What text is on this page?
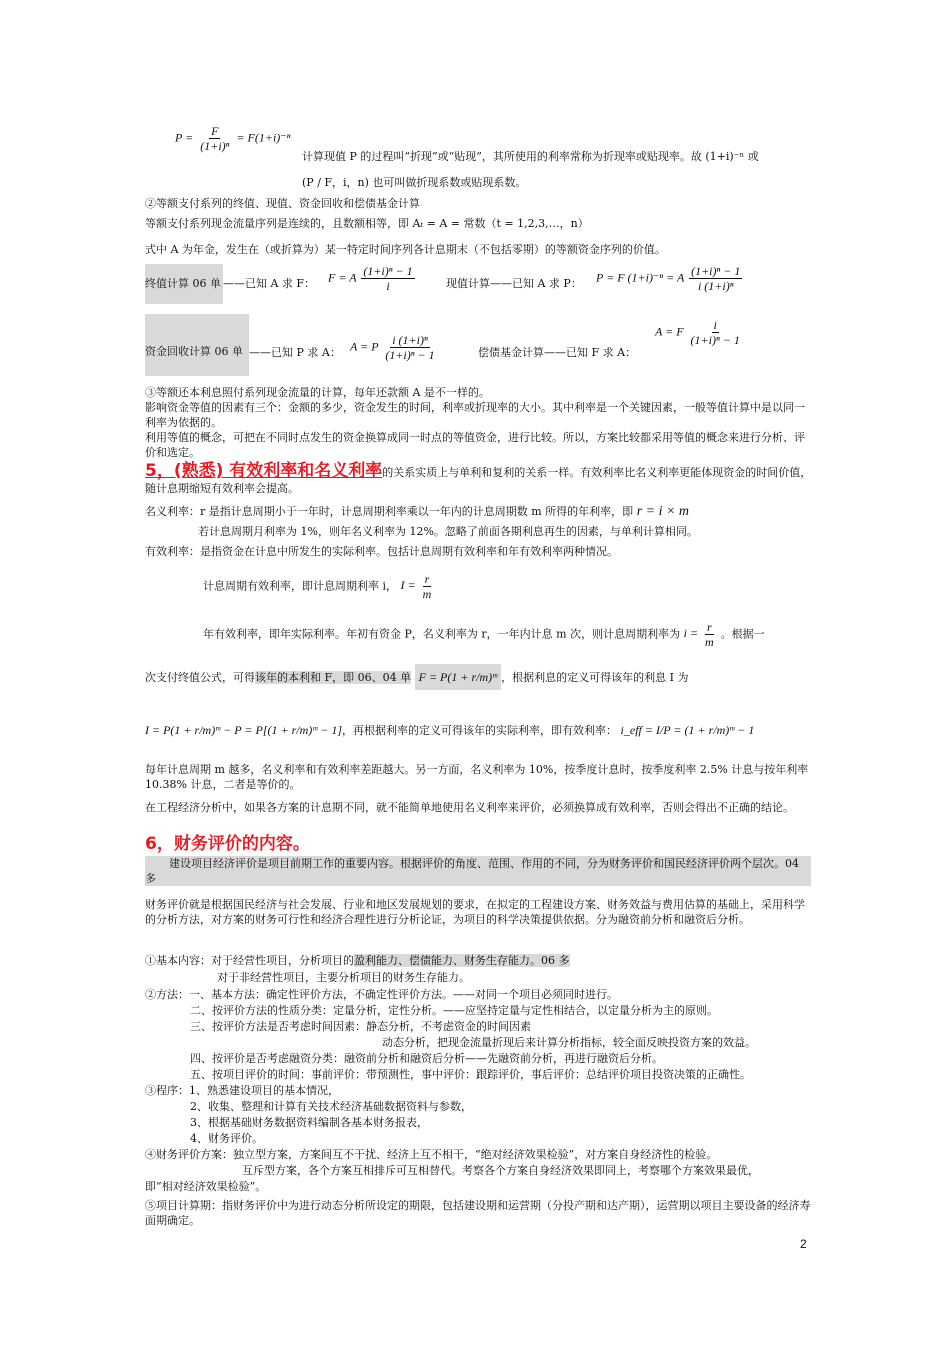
$P = \frac{F}{\text{(1+i)ⁿ}} = F(1+i)^{-n}$
计算现值 P 的过程叫“折现”或“贴现”，其所使用的利率常称为折现率或贴现率。故 (1+i)⁻ⁿ 或
(P / F，i，n) 也可叫做折现系数或贴现系数。
②等额支付系列的终值、现值、资金回收和偿债基金计算
等额支付系列现金流量序列是连续的，且数额相等，即 Aₜ = A = 常数（t = 1,2,3,…，n）
式中 A 为年金，发生在（或折算为）某一特定时间序列各计息期末（不包括零期）的等额资金序列的价值。
终值计算 06 单 ——已知 A 求 F： F = A $\frac{\text{(1+i)ⁿ − 1}}{i}$	现值计算——已知 A 求 P： P = F (1+i)⁻ⁿ = A $\frac{\text{(1+i)ⁿ − 1}}{\text{i (1+i)ⁿ}}$
资金回收计算 06 单 ——已知 P 求 A： A = P $\frac{\text{i (1+i)ⁿ}}{\text{(1+i)ⁿ − 1}}$	偿债基金计算——已知 F 求 A：
A = F $\frac{i}{\text{(1+i)ⁿ − 1}}$
③等额还本利息照付系列现金流量的计算，每年还款额 A 是不一样的。
影响资金等值的因素有三个：金额的多少，资金发生的时间，利率或折现率的大小。其中利率是一个关键因素，一般等值计算中是以同一利率为依据的。
利用等值的概念，可把在不同时点发生的资金换算成同一时点的等值资金，进行比较。所以，方案比较都采用等值的概念来进行分析、评价和选定。
5，(熟悉) 有效利率和名义利率的关系实质上与单利和复利的关系一样。有效利率比名义利率更能体现资金的时间价值，随计息期缩短有效利率会提高。
名义利率：r 是指计息周期小于一年时，计息周期利率乘以一年内的计息周期数 m 所得的年利率，即 r = i × m
若计息周期月利率为 1%，则年名义利率为 12%。忽略了前面各期利息再生的因素，与单利计算相同。
有效利率：是指资金在计息中所发生的实际利率。包括计息周期有效利率和年有效利率两种情况。
计息周期有效利率，即计息周期利率 i， $I = \frac{r}{m}$
年有效利率，即年实际利率。年初有资金 P，名义利率为 r，一年内计息 m 次，则计息周期利率为 $i = \frac{r}{m}$ 。根据一
次支付终值公式，可得该年的本利和 F，即 06、04 单 F = P(1 + r/m)ᵐ ，根据利息的定义可得该年的利息 I 为
I = P(1 + r/m)ᵐ − P = P[(1 + r/m)ᵐ − 1]，再根据利率的定义可得该年的实际利率，即有效利率： i_eff = I/P = (1 + r/m)ᵐ − 1
每年计息周期 m 越多，名义利率和有效利率差距越大。另一方面，名义利率为 10%，按季度计息时，按季度利率 2.5% 计息与按年利率 10.38% 计息，二者是等价的。
在工程经济分析中，如果各方案的计息期不同，就不能简单地使用名义利率来评价，必须换算成有效利率，否则会得出不正确的结论。
6，财务评价的内容。
建设项目经济评价是项目前期工作的重要内容。根据评价的角度、范围、作用的不同，分为财务评价和国民经济评价两个层次。04 多
财务评价就是根据国民经济与社会发展、行业和地区发展规划的要求，在拟定的工程建设方案、财务效益与费用估算的基础上，采用科学的分析方法，对方案的财务可行性和经济合理性进行分析论证，为项目的科学决策提供依据。分为融资前分析和融资后分析。
①基本内容：对于经营性项目，分析项目的盈利能力、偿债能力、财务生存能力。06 多
对于非经营性项目，主要分析项目的财务生存能力。
②方法：一、基本方法：确定性评价方法，不确定性评价方法。——对同一个项目必须同时进行。
二、按评价方法的性质分类：定量分析，定性分析。——应坚持定量与定性相结合，以定量分析为主的原则。
三、按评价方法是否考虑时间因素：静态分析，不考虑资金的时间因素
动态分析，把现金流量折现后来计算分析指标，较全面反映投资方案的效益。
四、按评价是否考虑融资分类：融资前分析和融资后分析——先融资前分析，再进行融资后分析。
五、按项目评价的时间：事前评价：带预测性，事中评价：跟踪评价，事后评价：总结评价项目投资决策的正确性。
③程序：1、熟悉建设项目的基本情况，
2、收集、整理和计算有关技术经济基础数据资料与参数，
3、根据基础财务数据资料编制各基本财务报表，
4、财务评价。
④财务评价方案：独立型方案，方案间互不干扰、经济上互不相干，“绝对经济效果检验”，对方案自身经济性的检验。
互斥型方案，各个方案互相排斥可互相替代。考察各个方案自身经济效果即同上，考察哪个方案效果最优，
即“相对经济效果检验”。
⑤项目计算期：指财务评价中为进行动态分析所设定的期限，包括建设期和运营期（分投产期和达产期），运营期以项目主要设备的经济寿面期确定。
2
